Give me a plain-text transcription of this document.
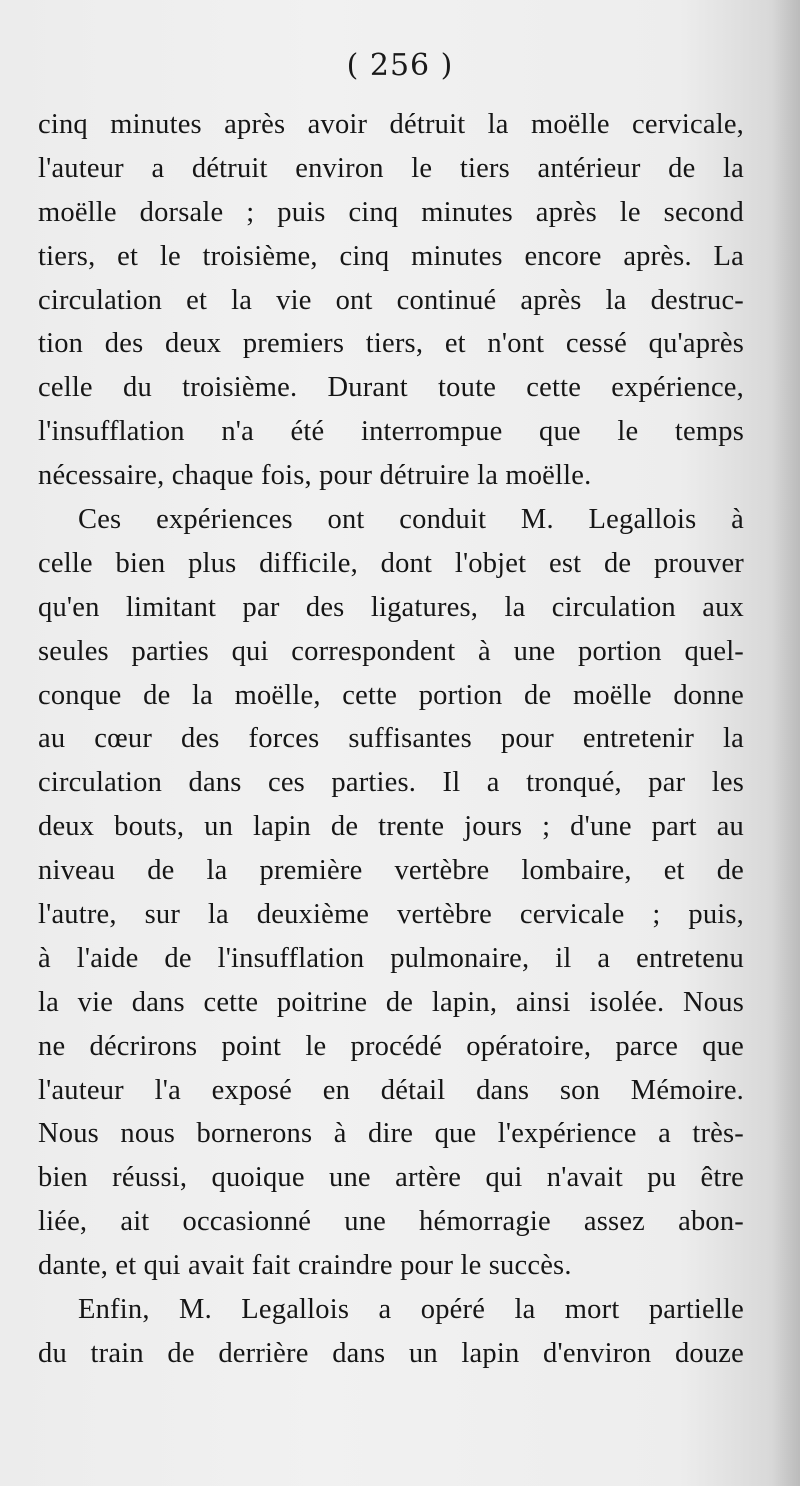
( 256 )
cinq minutes après avoir détruit la moëlle cervicale,
l'auteur a détruit environ le tiers antérieur de la
moëlle dorsale ; puis cinq minutes après le second
tiers, et le troisième, cinq minutes encore après. La
circulation et la vie ont continué après la destruc-
tion des deux premiers tiers, et n'ont cessé qu'après
celle du troisième. Durant toute cette expérience,
l'insufflation n'a été interrompue que le temps
nécessaire, chaque fois, pour détruire la moëlle.
Ces expériences ont conduit M. Legallois à
celle bien plus difficile, dont l'objet est de prouver
qu'en limitant par des ligatures, la circulation aux
seules parties qui correspondent à une portion quel-
conque de la moëlle, cette portion de moëlle donne
au cœur des forces suffisantes pour entretenir la
circulation dans ces parties. Il a tronqué, par les
deux bouts, un lapin de trente jours ; d'une part au
niveau de la première vertèbre lombaire, et de
l'autre, sur la deuxième vertèbre cervicale ; puis,
à l'aide de l'insufflation pulmonaire, il a entretenu
la vie dans cette poitrine de lapin, ainsi isolée. Nous
ne décrirons point le procédé opératoire, parce que
l'auteur l'a exposé en détail dans son Mémoire.
Nous nous bornerons à dire que l'expérience a très-
bien réussi, quoique une artère qui n'avait pu être
liée, ait occasionné une hémorragie assez abon-
dante, et qui avait fait craindre pour le succès.
Enfin, M. Legallois a opéré la mort partielle
du train de derrière dans un lapin d'environ douze
